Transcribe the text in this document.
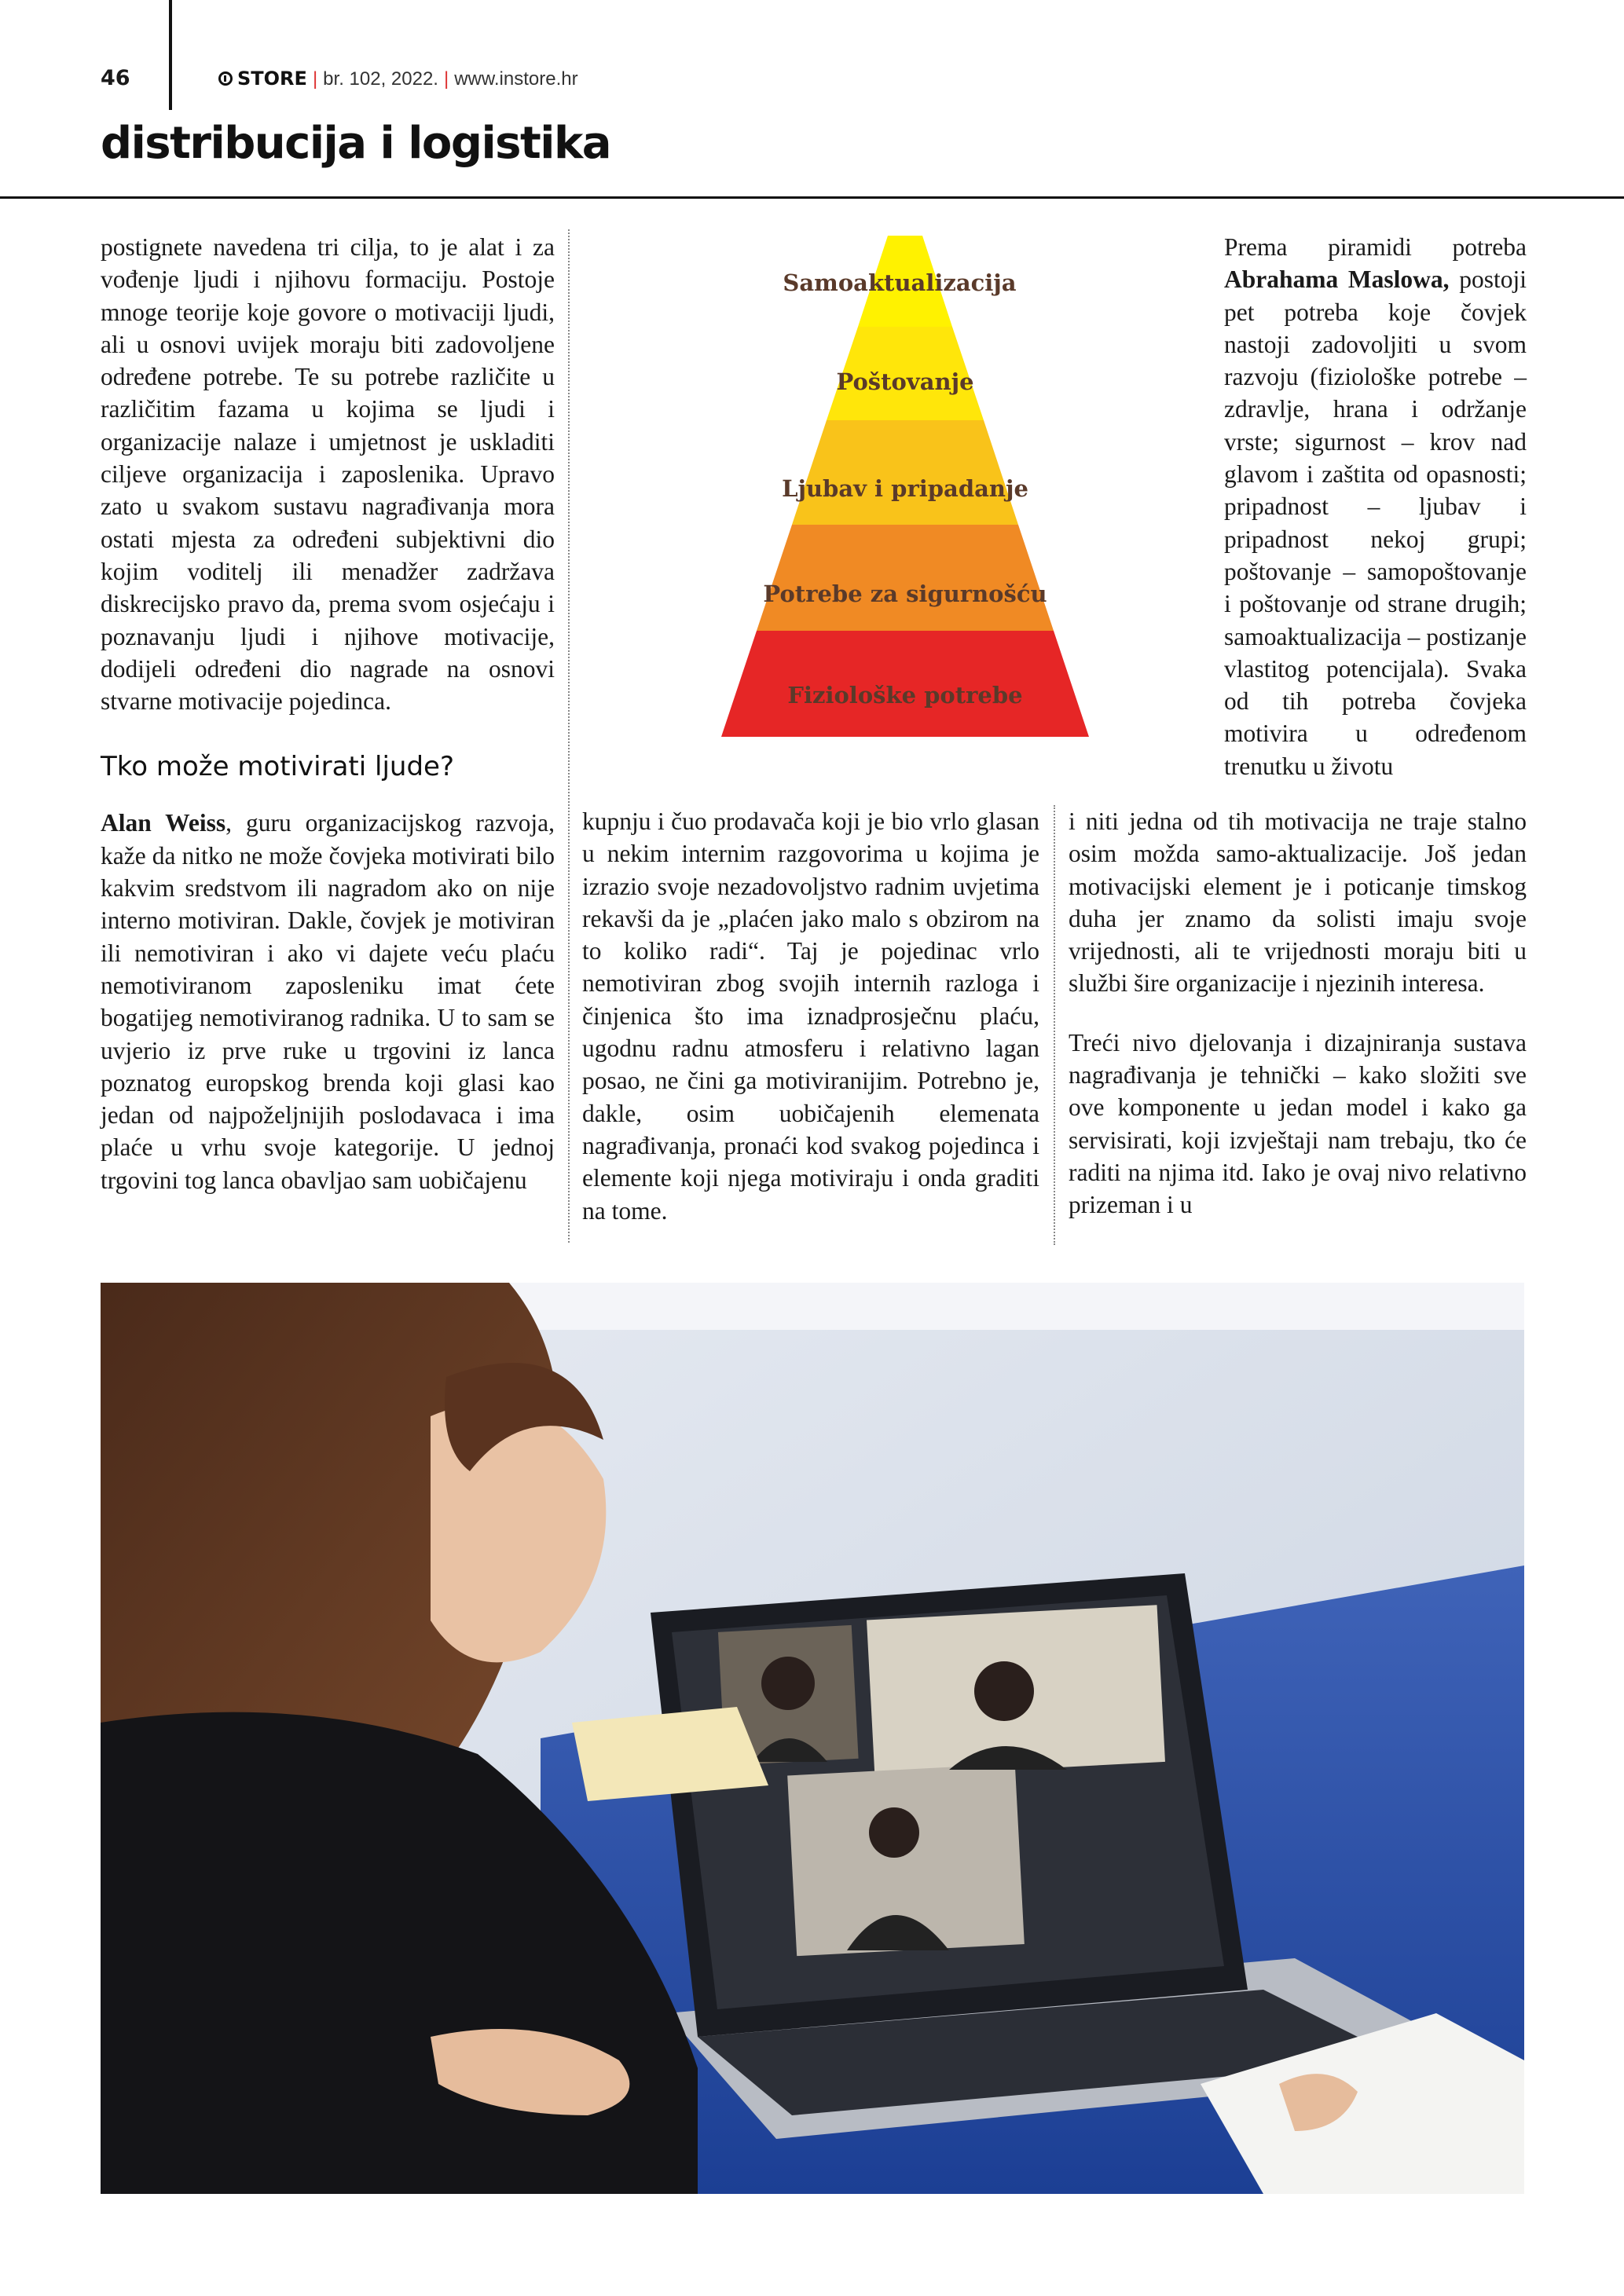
46	STORE | br. 102, 2022. | www.instore.hr
distribucija i logistika

postignete navedena tri cilja, to je alat i za vođenje ljudi i njihovu formaciju. Postoje mnoge teorije koje govore o motivaciji ljudi, ali u osnovi uvijek moraju biti zadovoljene određene potrebe. Te su potrebe različite u različitim fazama u kojima se ljudi i organizacije nalaze i umjetnost je uskladiti ciljeve organizacija i zaposlenika. Upravo zato u svakom sustavu nagrađivanja mora ostati mjesta za određeni subjektivni dio kojim voditelj ili menadžer zadržava diskrecijsko pravo da, prema svom osjećaju i poznavanju ljudi i njihove motivacije, dodijeli određeni dio nagrade na osnovi stvarne motivacije pojedinca.

Tko može motivirati ljude?

Alan Weiss, guru organizacijskog razvoja, kaže da nitko ne može čovjeka motivirati bilo kakvim sredstvom ili nagradom ako on nije interno motiviran. Dakle, čovjek je motiviran ili nemotiviran i ako vi dajete veću plaću nemotiviranom zaposleniku imat ćete bogatijeg nemotiviranog radnika. U to sam se uvjerio iz prve ruke u trgovini iz lanca poznatog europskog brenda koji glasi kao jedan od najpoželjnijih poslodavaca i ima plaće u vrhu svoje kategorije. U jednoj trgovini tog lanca obavljao sam uobičajenu

Samoaktualizacija
Poštovanje
Ljubav i pripadanje
Potrebe za sigurnošću
Fiziološke potrebe

Prema piramidi potreba Abrahama Maslowa, postoji pet potreba koje čovjek nastoji zadovoljiti u svom razvoju (fiziološke potrebe – zdravlje, hrana i održanje vrste; sigurnost – krov nad glavom i zaštita od opasnosti; pripadnost – ljubav i pripadnost nekoj grupi; poštovanje – samopoštovanje i poštovanje od strane drugih; samoaktualizacija – postizanje vlastitog potencijala). Svaka od tih potreba čovjeka motivira u određenom trenutku u životu

kupnju i čuo prodavača koji je bio vrlo glasan u nekim internim razgovorima u kojima je izrazio svoje nezadovoljstvo radnim uvjetima rekavši da je „plaćen jako malo s obzirom na to koliko radi“. Taj je pojedinac vrlo nemotiviran zbog svojih internih razloga i činjenica što ima iznadprosječnu plaću, ugodnu radnu atmosferu i relativno lagan posao, ne čini ga motiviranijim. Potrebno je, dakle, osim uobičajenih elemenata nagrađivanja, pronaći kod svakog pojedinca i elemente koji njega motiviraju i onda graditi na tome.

i niti jedna od tih motivacija ne traje stalno osim možda samo-aktualizacije. Još jedan motivacijski element je i poticanje timskog duha jer znamo da solisti imaju svoje vrijednosti, ali te vrijednosti moraju biti u službi šire organizacije i njezinih interesa.

Treći nivo djelovanja i dizajniranja sustava nagrađivanja je tehnički – kako složiti sve ove komponente u jedan model i kako ga servisirati, koji izvještaji nam trebaju, tko će raditi na njima itd. Iako je ovaj nivo relativno prizeman i u
